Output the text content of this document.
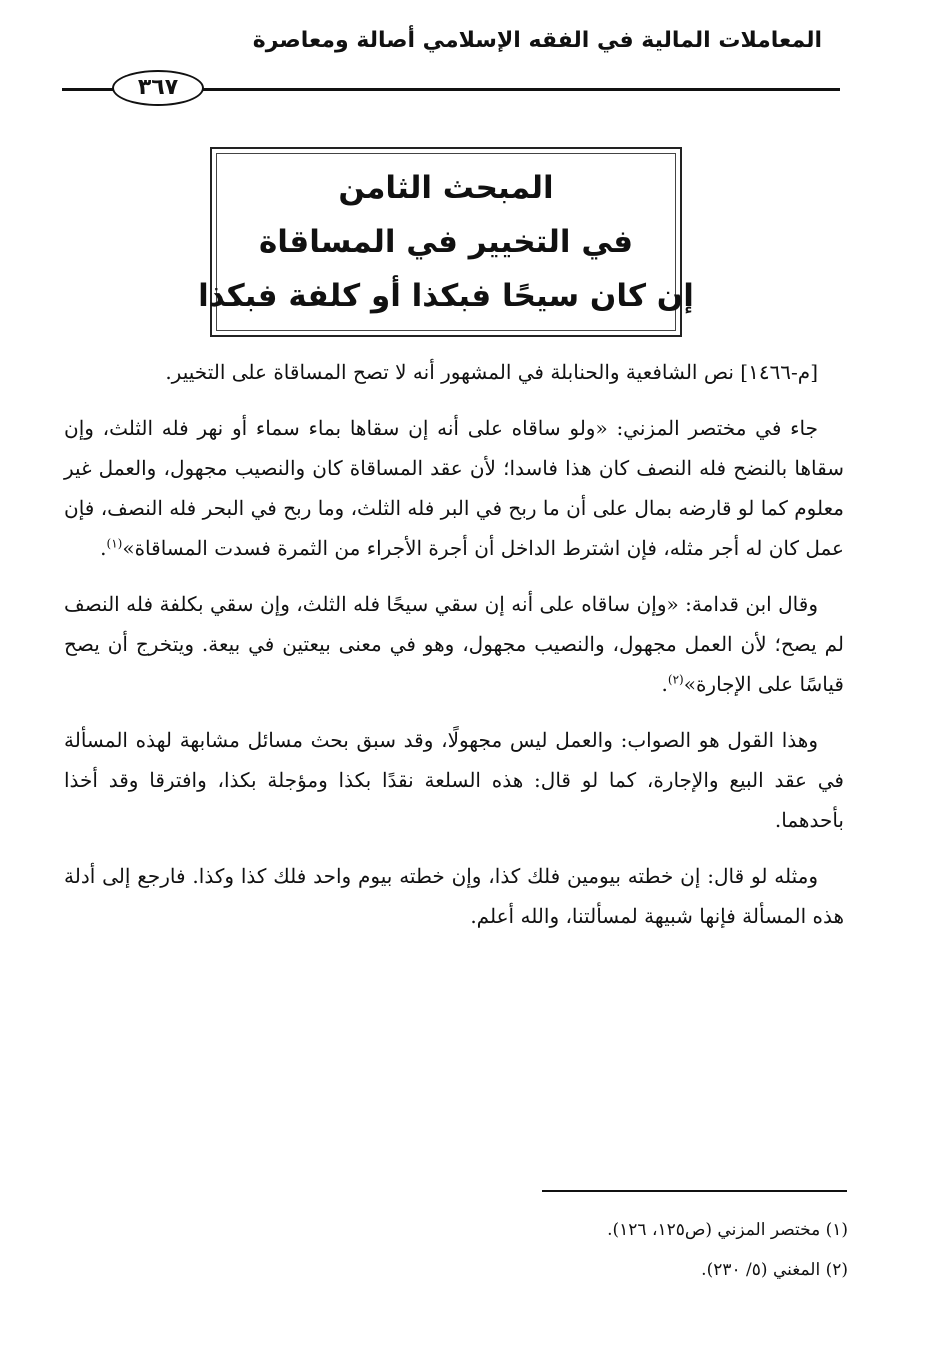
المعاملات المالية في الفقه الإسلامي أصالة ومعاصرة
٣٦٧
المبحث الثامن
في التخيير في المساقاة
إن كان سيحًا فبكذا أو كلفة فبكذا

[م-١٤٦٦] نص الشافعية والحنابلة في المشهور أنه لا تصح المساقاة على التخيير.

جاء في مختصر المزني: «ولو ساقاه على أنه إن سقاها بماء سماء أو نهر فله الثلث، وإن سقاها بالنضح فله النصف كان هذا فاسدا؛ لأن عقد المساقاة كان والنصيب مجهول، والعمل غير معلوم كما لو قارضه بمال على أن ما ربح في البر فله الثلث، وما ربح في البحر فله النصف، فإن عمل كان له أجر مثله، فإن اشترط الداخل أن أجرة الأجراء من الثمرة فسدت المساقاة»$^{(١)}$.

وقال ابن قدامة: «وإن ساقاه على أنه إن سقي سيحًا فله الثلث، وإن سقي بكلفة فله النصف لم يصح؛ لأن العمل مجهول، والنصيب مجهول، وهو في معنى بيعتين في بيعة. ويتخرج أن يصح قياسًا على الإجارة»$^{(٢)}$.

وهذا القول هو الصواب: والعمل ليس مجهولًا، وقد سبق بحث مسائل مشابهة لهذه المسألة في عقد البيع والإجارة، كما لو قال: هذه السلعة نقدًا بكذا ومؤجلة بكذا، وافترقا وقد أخذا بأحدهما.

ومثله لو قال: إن خطته بيومين فلك كذا، وإن خطته بيوم واحد فلك كذا وكذا. فارجع إلى أدلة هذه المسألة فإنها شبيهة لمسألتنا، والله أعلم.

(١) مختصر المزني (ص١٢٥، ١٢٦).
(٢) المغني (٥/ ٢٣٠).
